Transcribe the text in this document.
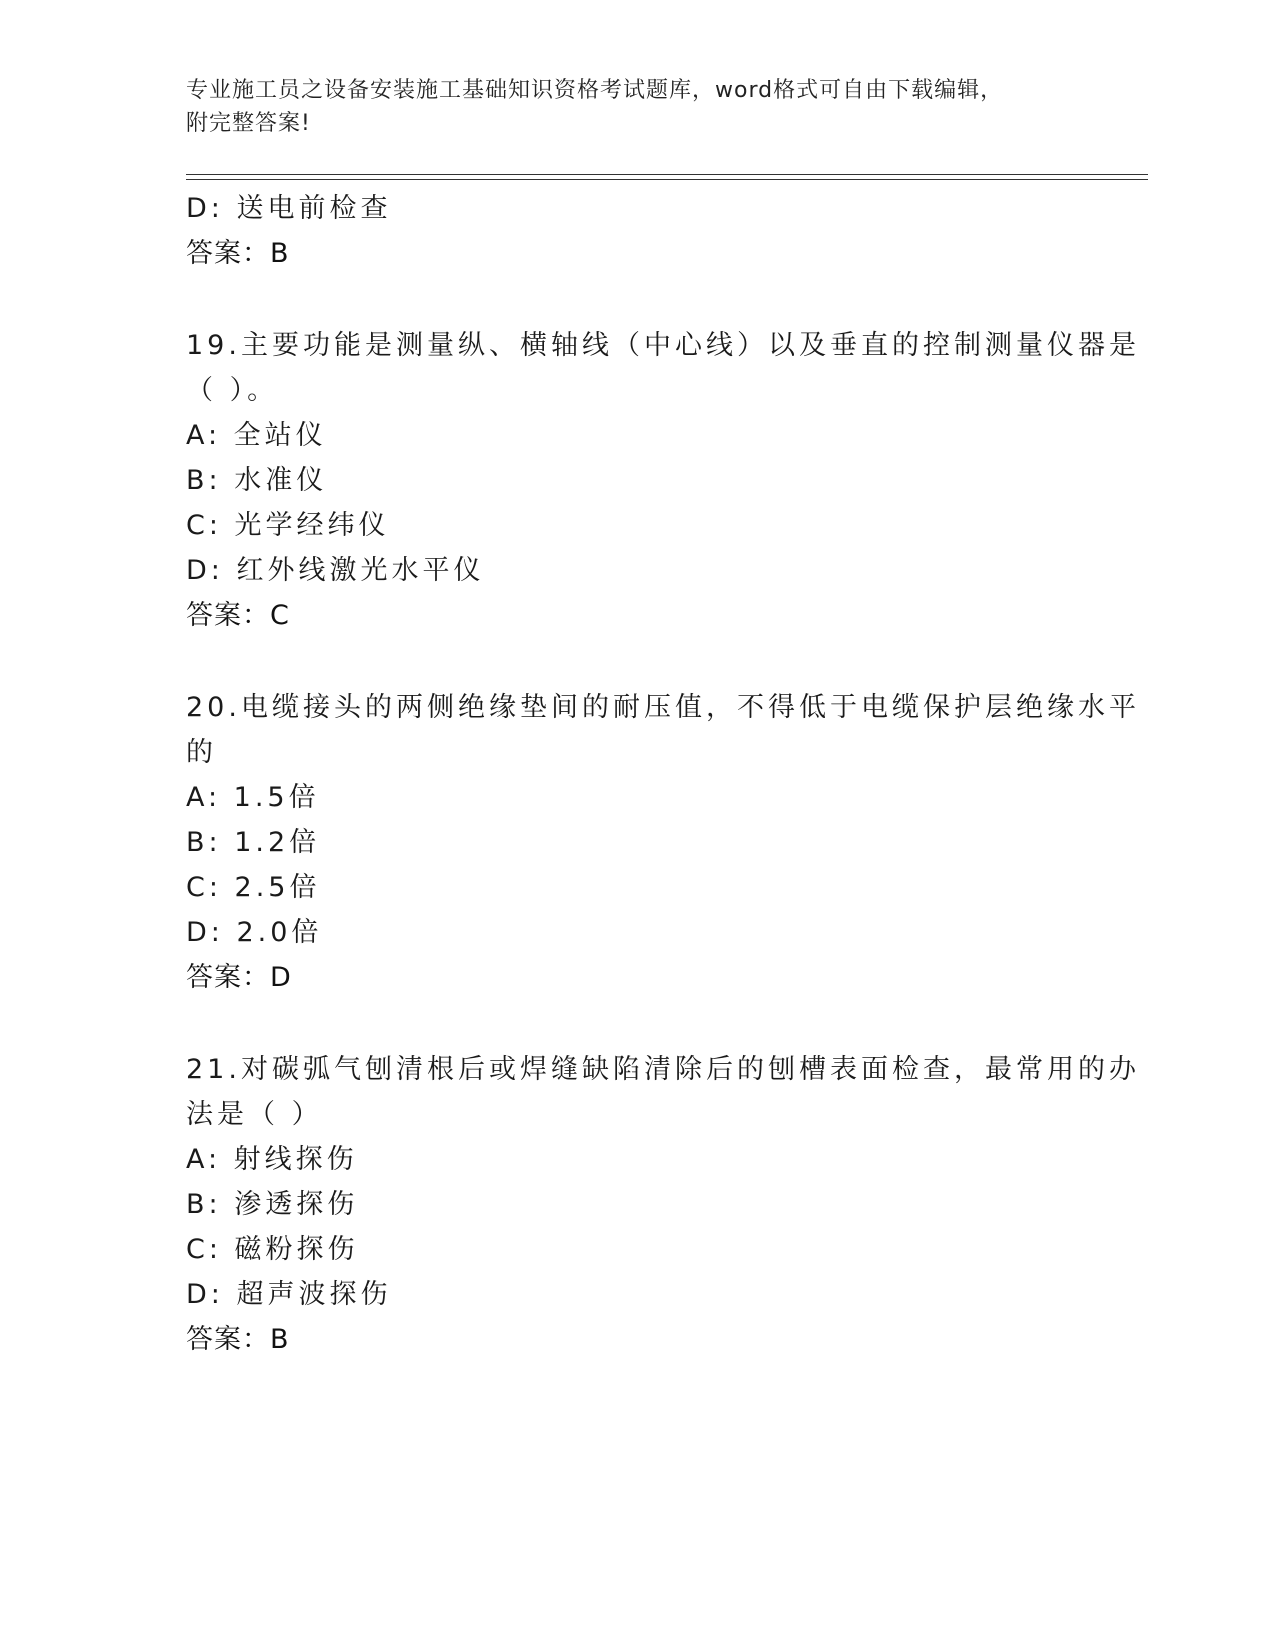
专业施工员之设备安装施工基础知识资格考试题库，word格式可自由下载编辑，
附完整答案!
D: 送电前检查
答案：B
19.主要功能是测量纵、横轴线（中心线）以及垂直的控制测量仪器是
（ ）。
A: 全站仪
B: 水准仪
C: 光学经纬仪
D: 红外线激光水平仪
答案：C
20.电缆接头的两侧绝缘垫间的耐压值，不得低于电缆保护层绝缘水平
的
A: 1.5倍
B: 1.2倍
C: 2.5倍
D: 2.0倍
答案：D
21.对碳弧气刨清根后或焊缝缺陷清除后的刨槽表面检查，最常用的办
法是（ ）
A: 射线探伤
B: 渗透探伤
C: 磁粉探伤
D: 超声波探伤
答案：B
